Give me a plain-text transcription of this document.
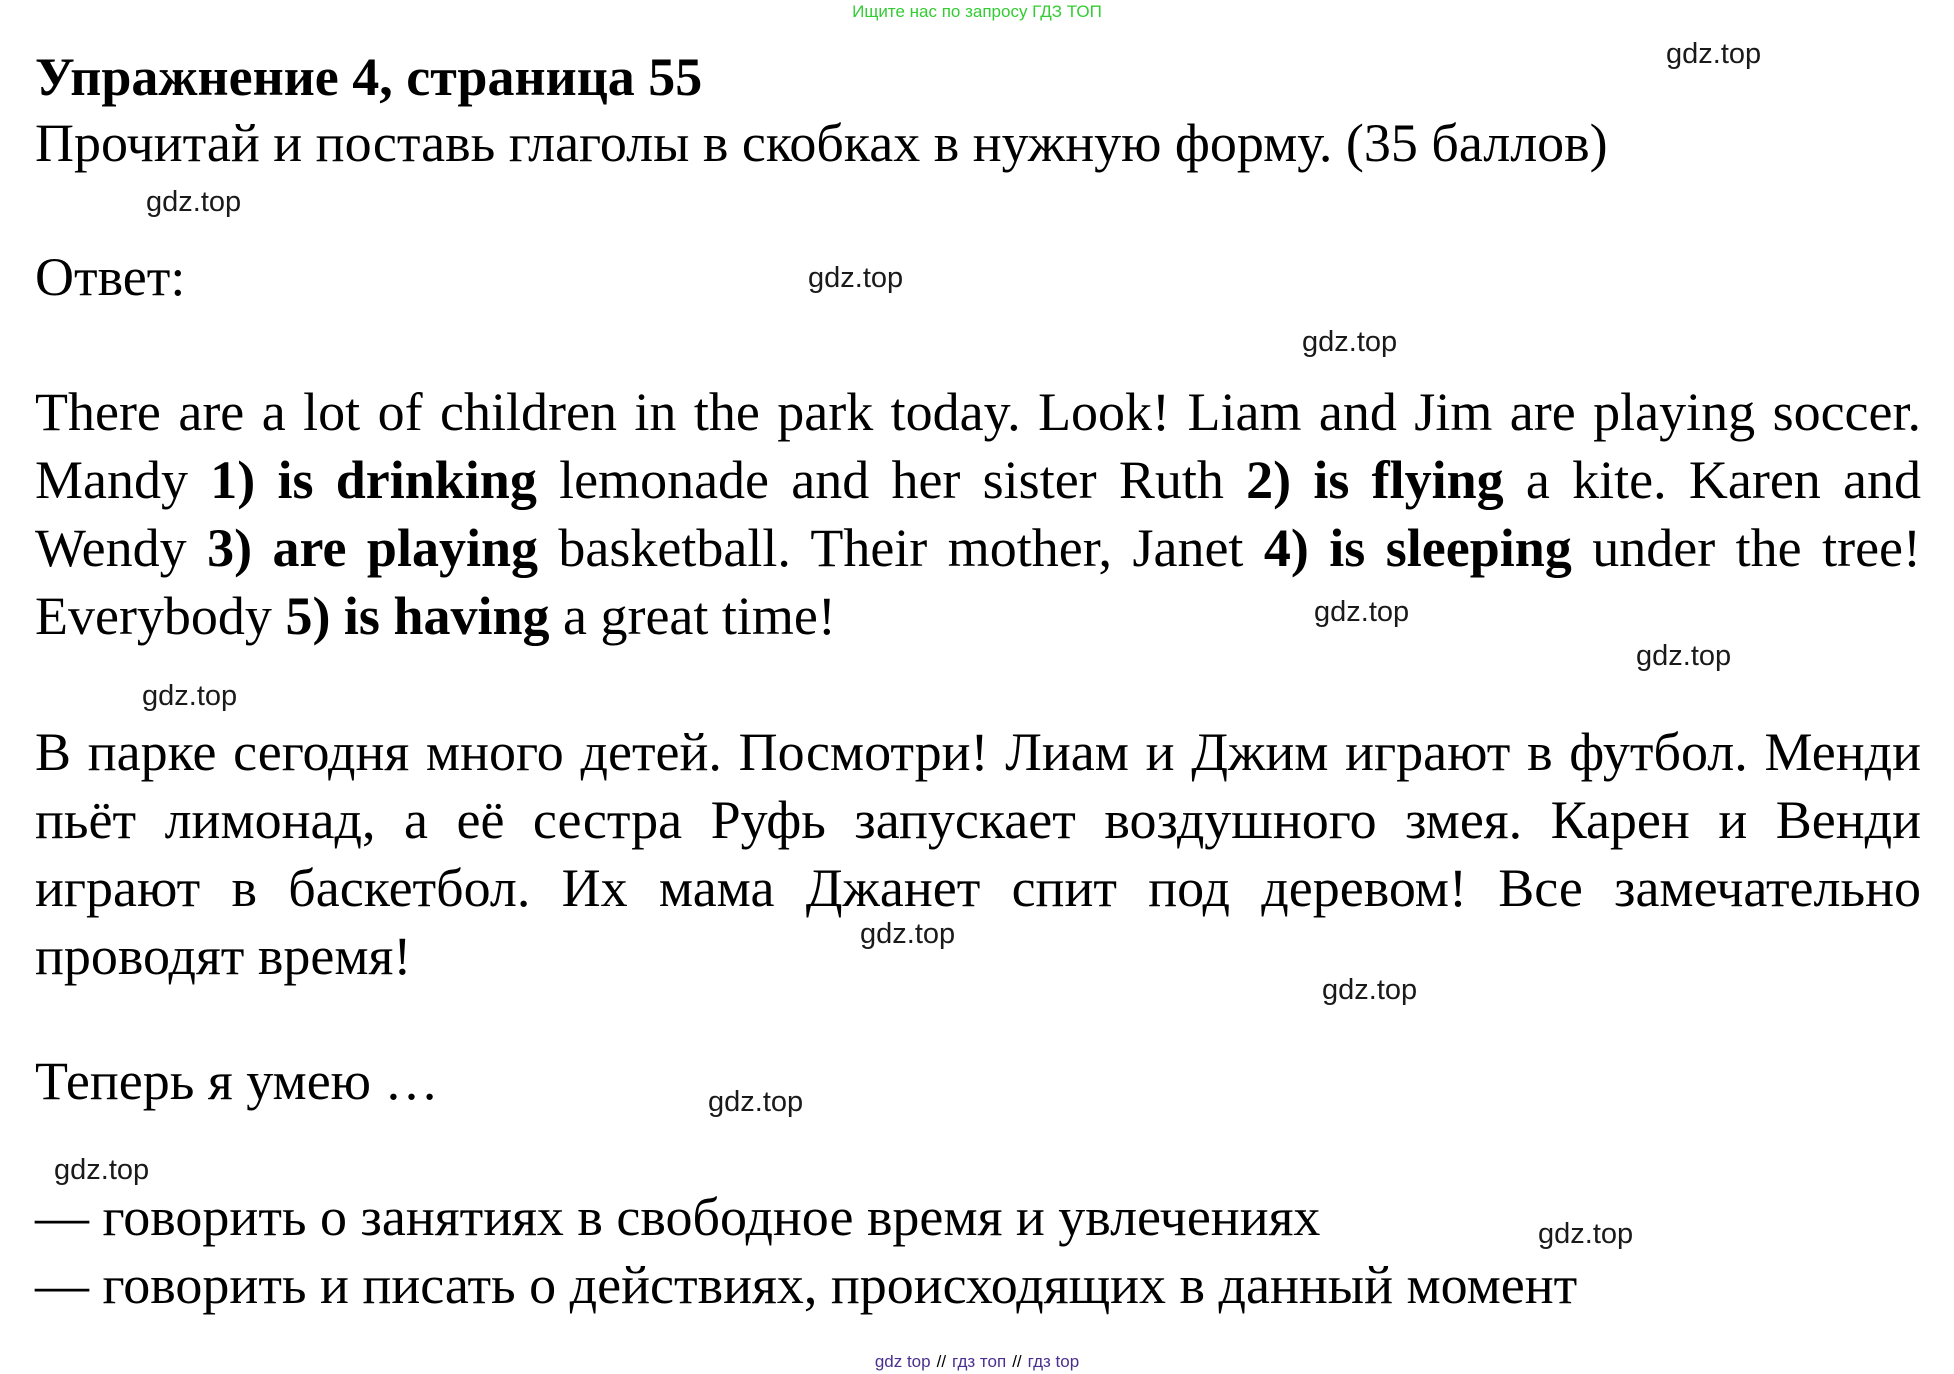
Ищите нас по запросу ГДЗ ТОП
Упражнение 4, страница 55
Прочитай и поставь глаголы в скобках в нужную форму. (35 баллов)
Ответ:
There are a lot of children in the park today. Look! Liam and Jim are playing soccer. Mandy 1) is drinking lemonade and her sister Ruth 2) is flying a kite. Karen and Wendy 3) are playing basketball. Their mother, Janet 4) is sleeping under the tree! Everybody 5) is having a great time!
В парке сегодня много детей. Посмотри! Лиам и Джим играют в футбол. Менди пьёт лимонад, а её сестра Руфь запускает воздушного змея. Карен и Венди играют в баскетбол. Их мама Джанет спит под деревом! Все замечательно проводят время!
Теперь я умею …
— говорить о занятиях в свободное время и увлечениях
— говорить и писать о действиях, происходящих в данный момент
gdz.top
gdz.top
gdz.top
gdz.top
gdz.top
gdz.top
gdz.top
gdz.top
gdz.top
gdz.top
gdz.top
gdz.top
gdz top // гдз топ // гдз top
